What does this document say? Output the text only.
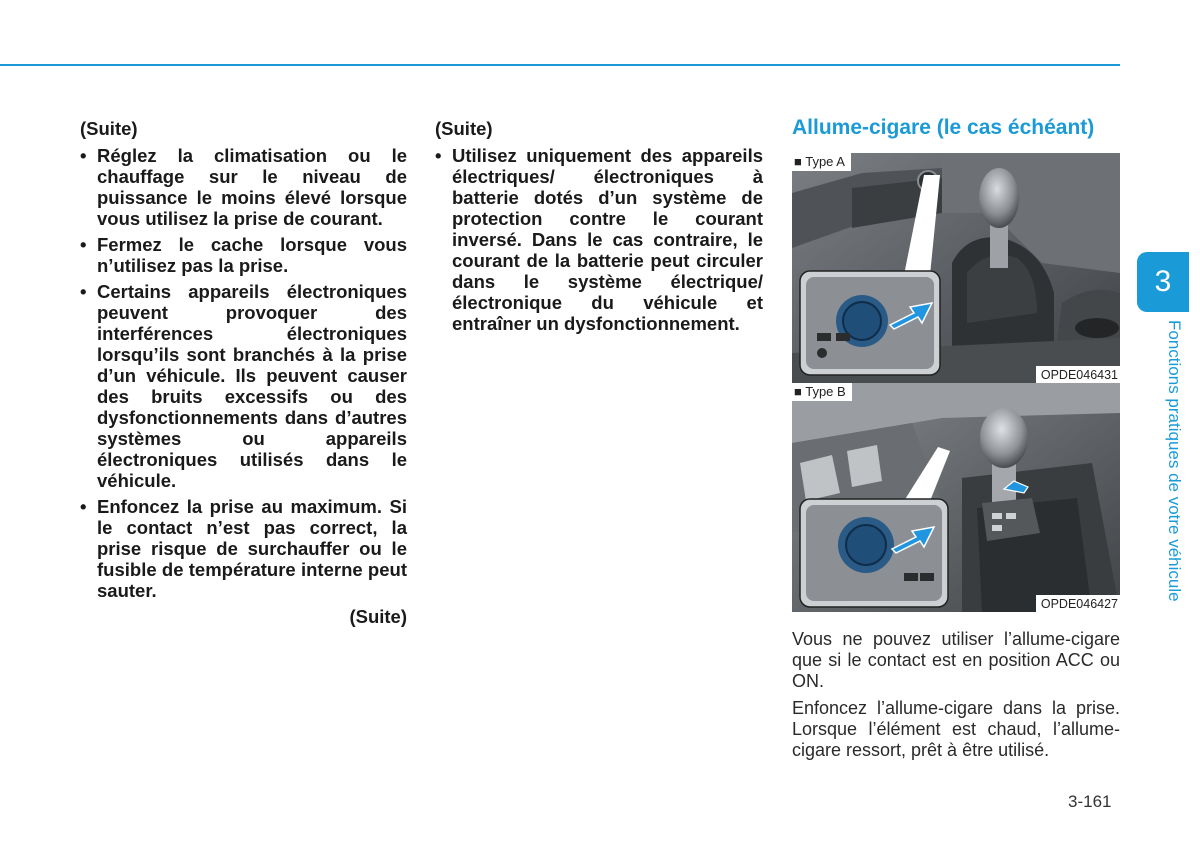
(Suite)
• Réglez la climatisation ou le chauffage sur le niveau de puissance le moins élevé lorsque vous utilisez la prise de courant.
• Fermez le cache lorsque vous n’utilisez pas la prise.
• Certains appareils électroniques peuvent provoquer des interférences électroniques lorsqu’ils sont branchés à la prise d’un véhicule. Ils peuvent causer des bruits excessifs ou des dysfonctionnements dans d’autres systèmes ou appareils électroniques utilisés dans le véhicule.
• Enfoncez la prise au maximum. Si le contact n’est pas correct, la prise risque de surchauffer ou le fusible de température interne peut sauter.
(Suite)
(Suite)
• Utilisez uniquement des appareils électriques/ électroniques à batterie dotés d’un système de protection contre le courant inversé. Dans le cas contraire, le courant de la batterie peut circuler dans le système électrique/électronique du véhicule et entraîner un dysfonctionnement.
Allume-cigare (le cas échéant)
■ Type A
OPDE046431
■ Type B
OPDE046427

Vous ne pouvez utiliser l’allume-cigare que si le contact est en position ACC ou ON.

Enfoncez l’allume-cigare dans la prise. Lorsque l’élément est chaud, l’allume-cigare ressort, prêt à être utilisé.

3
Fonctions pratiques de votre véhicule
3-161
